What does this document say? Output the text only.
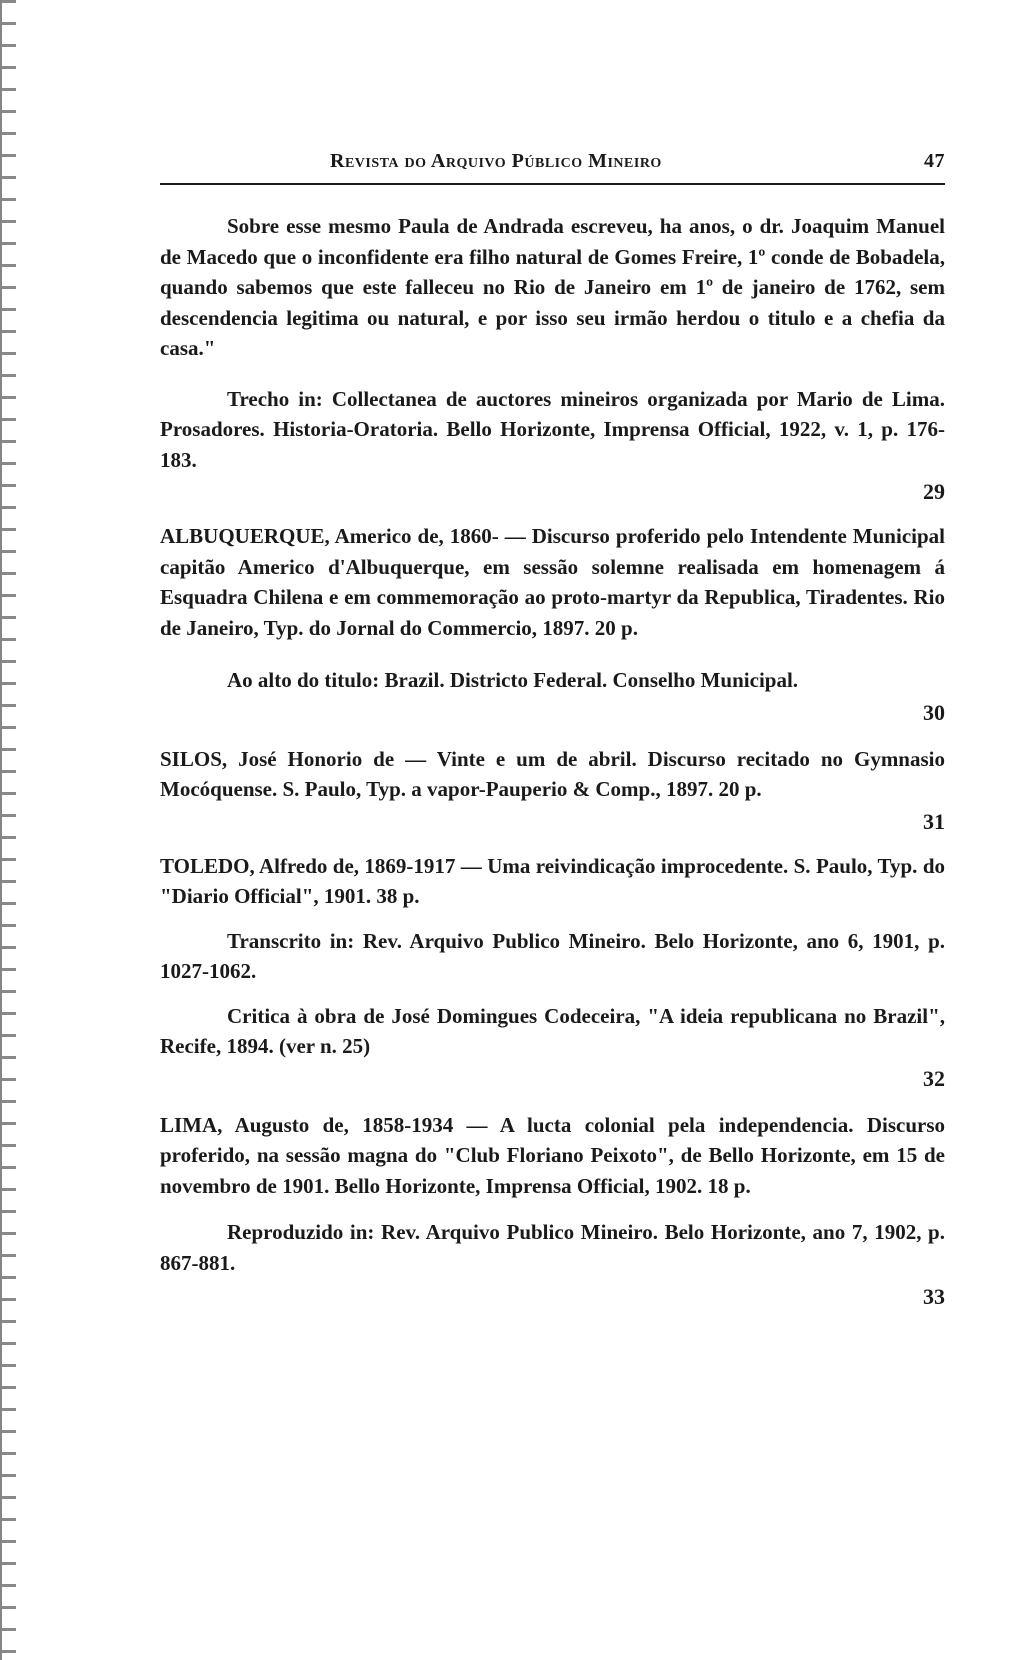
Revista do Arquivo Público Mineiro	47

Sobre esse mesmo Paula de Andrada escreveu, ha anos, o dr. Joaquim Manuel de Macedo que o inconfidente era filho natural de Gomes Freire, 1º conde de Bobadela, quando sabemos que este falleceu no Rio de Janeiro em 1º de janeiro de 1762, sem descendencia legitima ou natural, e por isso seu irmão herdou o titulo e a chefia da casa."

Trecho in: Collectanea de auctores mineiros organizada por Mario de Lima. Prosadores. Historia-Oratoria. Bello Horizonte, Imprensa Official, 1922, v. 1, p. 176-183.

29

ALBUQUERQUE, Americo de, 1860- — Discurso proferido pelo Intendente Municipal capitão Americo d'Albuquerque, em sessão solemne realisada em homenagem á Esquadra Chilena e em commemoração ao proto-martyr da Republica, Tiradentes. Rio de Janeiro, Typ. do Jornal do Commercio, 1897. 20 p.

Ao alto do titulo: Brazil. Districto Federal. Conselho Municipal.

30

SILOS, José Honorio de — Vinte e um de abril. Discurso recitado no Gymnasio Mocóquense. S. Paulo, Typ. a vapor-Pauperio & Comp., 1897. 20 p.

31

TOLEDO, Alfredo de, 1869-1917 — Uma reivindicação improcedente. S. Paulo, Typ. do "Diario Official", 1901. 38 p.

Transcrito in: Rev. Arquivo Publico Mineiro. Belo Horizonte, ano 6, 1901, p. 1027-1062.

Critica à obra de José Domingues Codeceira, "A ideia republicana no Brazil", Recife, 1894. (ver n. 25)

32

LIMA, Augusto de, 1858-1934 — A lucta colonial pela independencia. Discurso proferido, na sessão magna do "Club Floriano Peixoto", de Bello Horizonte, em 15 de novembro de 1901. Bello Horizonte, Imprensa Official, 1902. 18 p.

Reproduzido in: Rev. Arquivo Publico Mineiro. Belo Horizonte, ano 7, 1902, p. 867-881.

33
